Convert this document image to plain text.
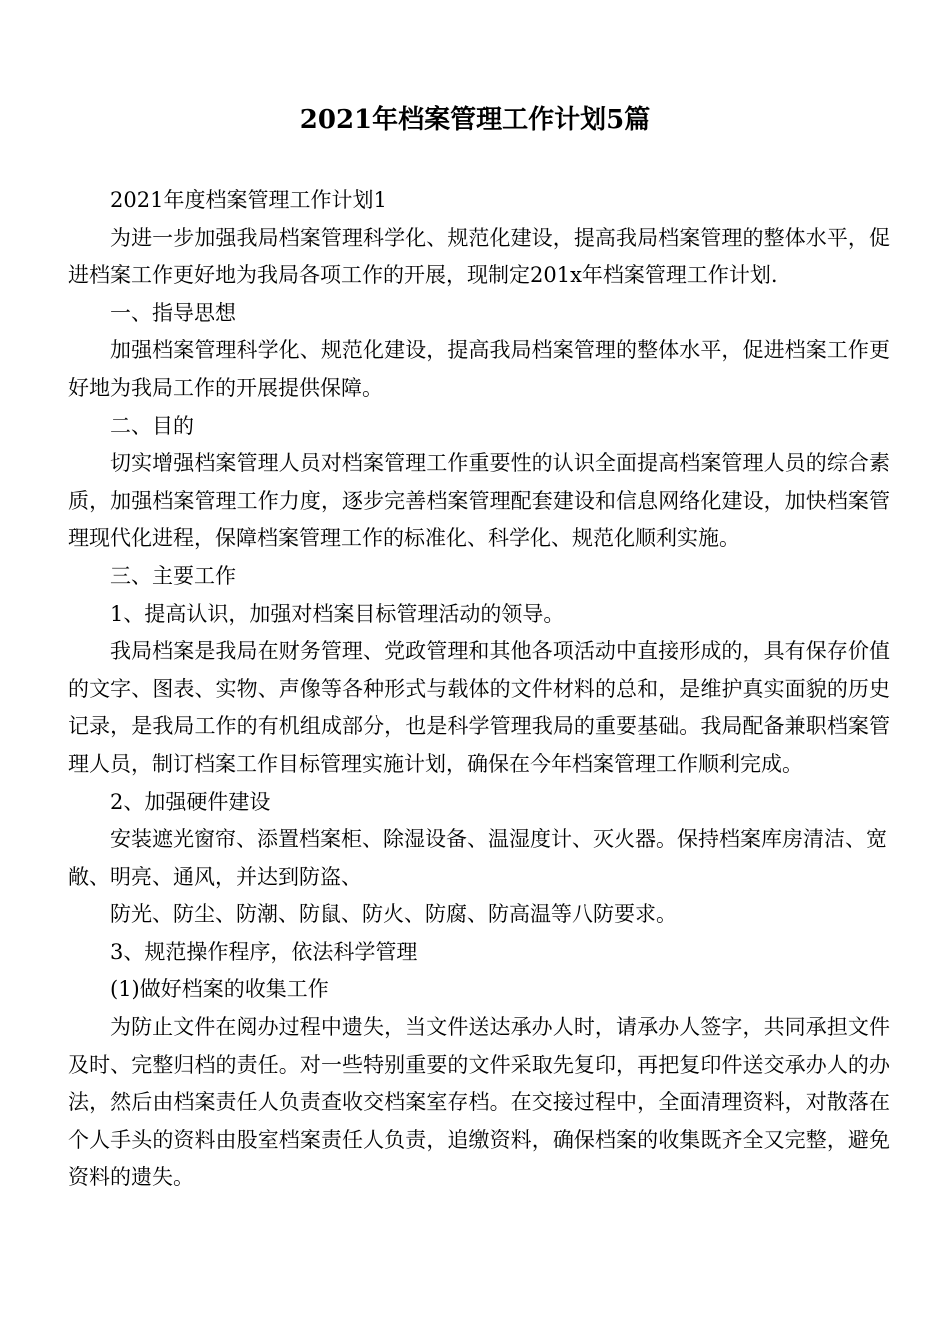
2021年档案管理工作计划5篇

2021年度档案管理工作计划1

为进一步加强我局档案管理科学化、规范化建设，提高我局档案管理的整体水平，促进档案工作更好地为我局各项工作的开展，现制定201x年档案管理工作计划.

一、指导思想

加强档案管理科学化、规范化建设，提高我局档案管理的整体水平，促进档案工作更好地为我局工作的开展提供保障。

二、目的

切实增强档案管理人员对档案管理工作重要性的认识全面提高档案管理人员的综合素质，加强档案管理工作力度，逐步完善档案管理配套建设和信息网络化建设，加快档案管理现代化进程，保障档案管理工作的标准化、科学化、规范化顺利实施。

三、主要工作

1、提高认识，加强对档案目标管理活动的领导。

我局档案是我局在财务管理、党政管理和其他各项活动中直接形成的，具有保存价值的文字、图表、实物、声像等各种形式与载体的文件材料的总和，是维护真实面貌的历史记录，是我局工作的有机组成部分，也是科学管理我局的重要基础。我局配备兼职档案管理人员，制订档案工作目标管理实施计划，确保在今年档案管理工作顺利完成。

2、加强硬件建设

安装遮光窗帘、添置档案柜、除湿设备、温湿度计、灭火器。保持档案库房清洁、宽敞、明亮、通风，并达到防盗、

防光、防尘、防潮、防鼠、防火、防腐、防高温等八防要求。

3、规范操作程序，依法科学管理

(1)做好档案的收集工作

为防止文件在阅办过程中遗失，当文件送达承办人时，请承办人签字，共同承担文件及时、完整归档的责任。对一些特别重要的文件采取先复印，再把复印件送交承办人的办法，然后由档案责任人负责查收交档案室存档。在交接过程中，全面清理资料，对散落在个人手头的资料由股室档案责任人负责，追缴资料，确保档案的收集既齐全又完整，避免资料的遗失。
